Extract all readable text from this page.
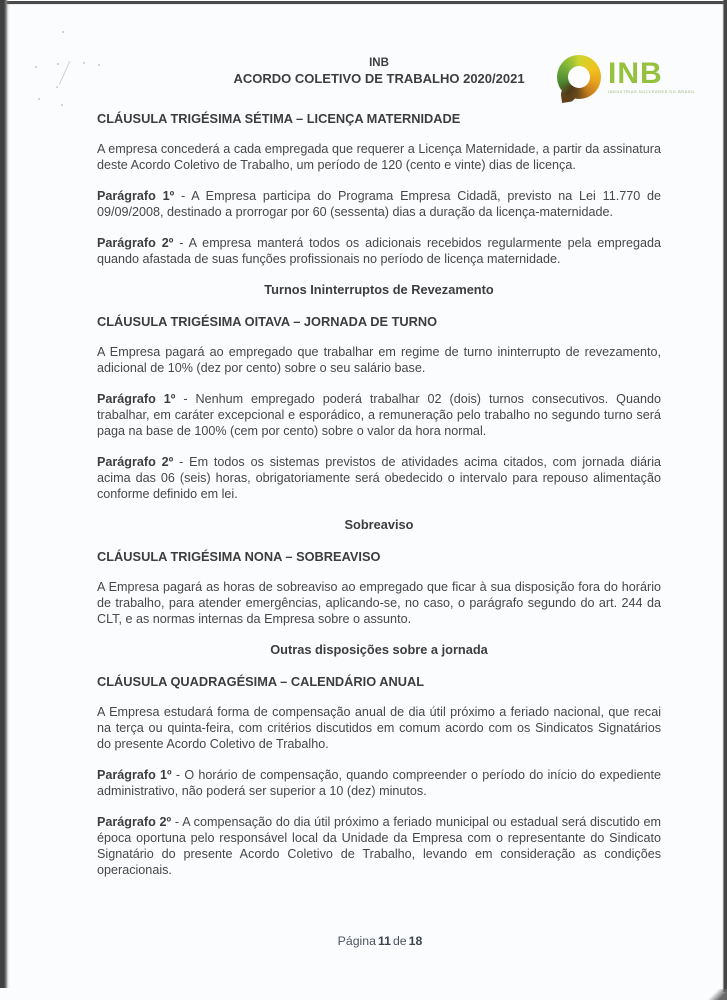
INB
ACORDO COLETIVO DE TRABALHO 2020/2021	INB
INDÚSTRIAS NUCLEARES DO BRASIL
CLÁUSULA TRIGÉSIMA SÉTIMA – LICENÇA MATERNIDADE

A empresa concederá a cada empregada que requerer a Licença Maternidade, a partir da assinatura deste Acordo Coletivo de Trabalho, um período de 120 (cento e vinte) dias de licença.

Parágrafo 1º - A Empresa participa do Programa Empresa Cidadã, previsto na Lei 11.770 de 09/09/2008, destinado a prorrogar por 60 (sessenta) dias a duração da licença-maternidade.

Parágrafo 2º - A empresa manterá todos os adicionais recebidos regularmente pela empregada quando afastada de suas funções profissionais no período de licença maternidade.

Turnos Ininterruptos de Revezamento
CLÁUSULA TRIGÉSIMA OITAVA – JORNADA DE TURNO

A Empresa pagará ao empregado que trabalhar em regime de turno ininterrupto de revezamento, adicional de 10% (dez por cento) sobre o seu salário base.

Parágrafo 1º - Nenhum empregado poderá trabalhar 02 (dois) turnos consecutivos. Quando trabalhar, em caráter excepcional e esporádico, a remuneração pelo trabalho no segundo turno será paga na base de 100% (cem por cento) sobre o valor da hora normal.

Parágrafo 2º - Em todos os sistemas previstos de atividades acima citados, com jornada diária acima das 06 (seis) horas, obrigatoriamente será obedecido o intervalo para repouso alimentação conforme definido em lei.

Sobreaviso
CLÁUSULA TRIGÉSIMA NONA – SOBREAVISO

A Empresa pagará as horas de sobreaviso ao empregado que ficar à sua disposição fora do horário de trabalho, para atender emergências, aplicando-se, no caso, o parágrafo segundo do art. 244 da CLT, e as normas internas da Empresa sobre o assunto.

Outras disposições sobre a jornada
CLÁUSULA QUADRAGÉSIMA – CALENDÁRIO ANUAL

A Empresa estudará forma de compensação anual de dia útil próximo a feriado nacional, que recai na terça ou quinta-feira, com critérios discutidos em comum acordo com os Sindicatos Signatários do presente Acordo Coletivo de Trabalho.

Parágrafo 1º - O horário de compensação, quando compreender o período do início do expediente administrativo, não poderá ser superior a 10 (dez) minutos.

Parágrafo 2º - A compensação do dia útil próximo a feriado municipal ou estadual será discutido em época oportuna pelo responsável local da Unidade da Empresa com o representante do Sindicato Signatário do presente Acordo Coletivo de Trabalho, levando em consideração as condições operacionais.

Página 11 de 18
